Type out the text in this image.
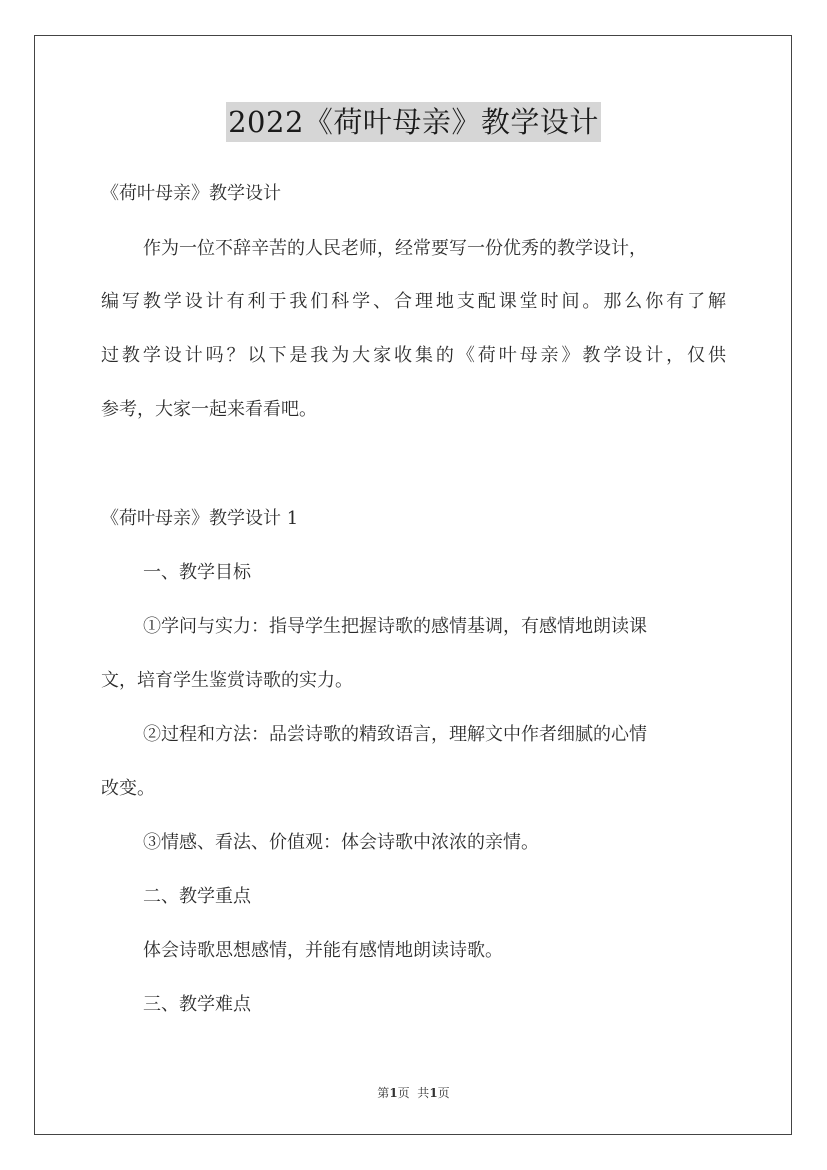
2022《荷叶母亲》教学设计
《荷叶母亲》教学设计
作为一位不辞辛苦的人民老师，经常要写一份优秀的教学设计，
编写教学设计有利于我们科学、合理地支配课堂时间。那么你有了解
过教学设计吗？以下是我为大家收集的《荷叶母亲》教学设计，仅供
参考，大家一起来看看吧。
《荷叶母亲》教学设计 1
一、教学目标
①学问与实力：指导学生把握诗歌的感情基调，有感情地朗读课
文，培育学生鉴赏诗歌的实力。
②过程和方法：品尝诗歌的精致语言，理解文中作者细腻的心情
改变。
③情感、看法、价值观：体会诗歌中浓浓的亲情。
二、教学重点
体会诗歌思想感情，并能有感情地朗读诗歌。
三、教学难点
第1页  共1页
